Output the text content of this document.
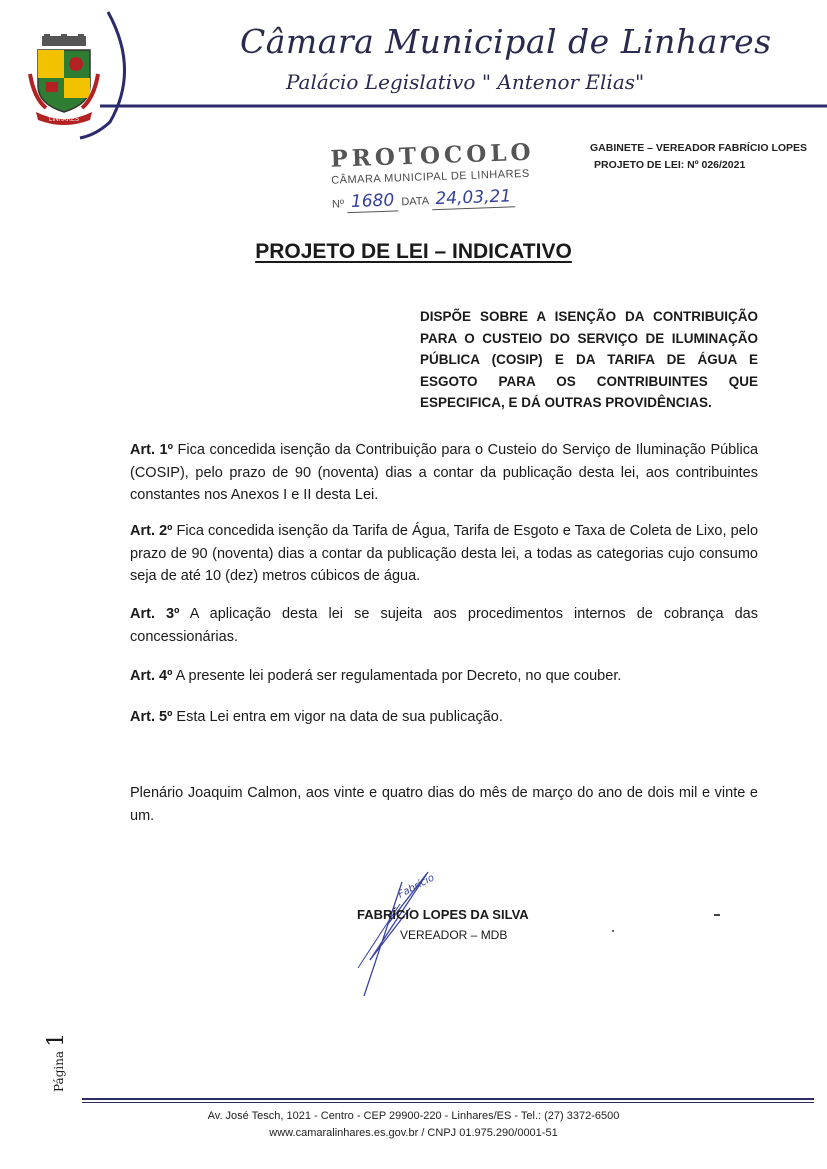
LINHARES
Câmara Municipal de Linhares
Palácio Legislativo " Antenor Elias"
GABINETE – VEREADOR FABRÍCIO LOPES
PROJETO DE LEI: Nº 026/2021
PROTOCOLO
CÂMARA MUNICIPAL DE LINHARES
Nº 1680 DATA 24,03,21
PROJETO DE LEI – INDICATIVO
DISPÕE SOBRE A ISENÇÃO DA CONTRIBUIÇÃO PARA O CUSTEIO DO SERVIÇO DE ILUMINAÇÃO PÚBLICA (COSIP) E DA TARIFA DE ÁGUA E ESGOTO PARA OS CONTRIBUINTES QUE ESPECIFICA, E DÁ OUTRAS PROVIDÊNCIAS.
Art. 1º Fica concedida isenção da Contribuição para o Custeio do Serviço de Iluminação Pública (COSIP), pelo prazo de 90 (noventa) dias a contar da publicação desta lei, aos contribuintes constantes nos Anexos I e II desta Lei.
Art. 2º Fica concedida isenção da Tarifa de Água, Tarifa de Esgoto e Taxa de Coleta de Lixo, pelo prazo de 90 (noventa) dias a contar da publicação desta lei, a todas as categorias cujo consumo seja de até 10 (dez) metros cúbicos de água.
Art. 3º A aplicação desta lei se sujeita aos procedimentos internos de cobrança das concessionárias.
Art. 4º A presente lei poderá ser regulamentada por Decreto, no que couber.
Art. 5º Esta Lei entra em vigor na data de sua publicação.
Plenário Joaquim Calmon, aos vinte e quatro dias do mês de março do ano de dois mil e vinte e um.
Fabrício
FABRÍCIO LOPES DA SILVA
VEREADOR – MDB
Página1
Av. José Tesch, 1021 - Centro - CEP 29900-220 - Linhares/ES - Tel.: (27) 3372-6500
www.camaralinhares.es.gov.br / CNPJ 01.975.290/0001-51
